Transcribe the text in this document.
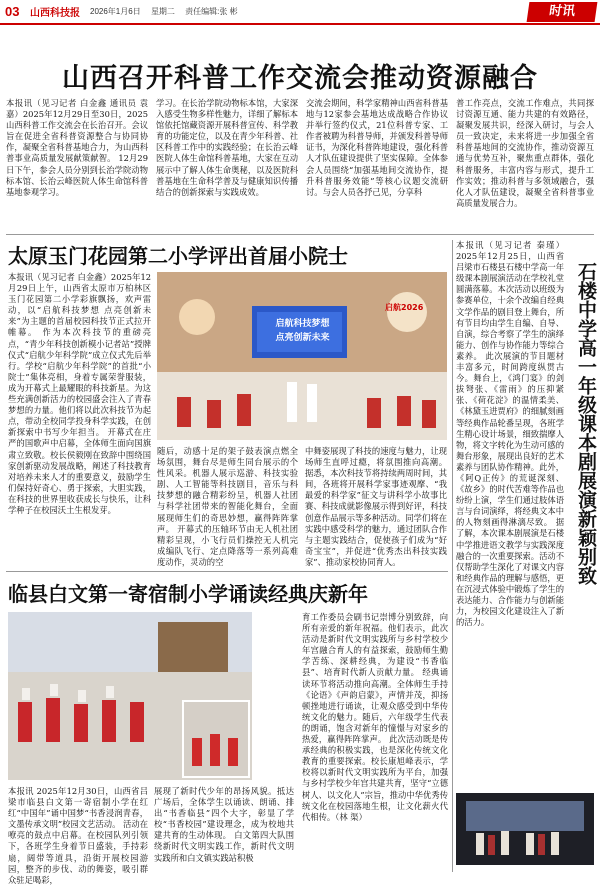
03 山西科技报 2026年1月6日 星期二 责任编辑:张 彬	时讯
山西召开科普工作交流会推动资源融合
本报讯（见习记者 白金鑫 通讯员 袁嘉）2025年12月29日至30日，2025山西科普工作交流会在长治召开。会议旨在促进全省科普资源整合与协同协作，凝聚全省科普基地合力，为山西科普事业高质量发展献策献智。 12月29日下午，参会人员分别到长治学院动物标本馆、长治云峰医院人体生命馆科普基地参观学习。
学习。在长治学院动物标本馆，大家深入感受生物多样性魅力，详细了解标本馆依托馆藏资源开展科普宣传、科学教育的功能定位，以及在青少年科普、社区科普工作中的实践经验；在长治云峰医院人体生命馆科普基地，大家在互动展示中了解人体生命奥秘，以及医院科普基地在生命科学普及与健康知识传播结合的创新探索与实践成效。
交流会期间，科学家精神山西省科普基地与12家参会基地达成战略合作协议并举行签约仪式，21位科普专家、工作者被聘为科普导师，并颁发科普导师证书，为深化科普阵地建设，强化科普人才队伍建设提供了坚实保障。全体参会人员围绕“加强基地间交流协作，提升科普服务效能”等核心议题交流研讨。与会人员各抒己见，分享科
普工作亮点，交流工作难点，共同探讨资源互通、能力共建的有效路径，凝聚发展共识，经深入研讨，与会人员一致决定，未来将进一步加强全省科普基地间的交流协作，推动资源互通与优势互补，聚焦重点群体，强化科普服务，丰富内容与形式，提升工作实效；推动科普与多领域融合，强化人才队伍建设，凝聚全省科普事业高质量发展合力。
太原玉门花园第二小学评出首届小院士
本报讯（见习记者 白金鑫）2025年12月29日上午，山西省太原市万柏林区玉门花园第二小学彩旗飘扬，欢声雷动，以“启航科技梦想 点亮创新未来”为主题的首届校园科技节正式拉开帷幕。 作为本次科技节的重磅亮点，“青少年科技创新模小记者站”授牌仪式“启航少年科学院”成立仪式先后举行。学校“启航少年科学院”的首批“小院士”集体亮相，身着专属荣誉服装，成为开幕式上最耀眼的科技新星。为这些充满创新活力的校园盛会注入了青春梦想的力量。他们将以此次科技节为起点，带动全校同学投身科学实践，在创新探索中书写少年担当。 开幕式在庄严的国歌声中启幕，全体师生面向国旗肃立致敬。校长侯毅刚在致辞中围绕国家创新驱动发展战略，阐述了科技教育对培养未来人才的重要意义，鼓励学生们保持好奇心、勇于探索，大胆实践，在科技的世界里收获成长与快乐，让科学种子在校园沃土生根发芽。
启航科技梦想
点亮创新未来
启航2026
随后，动感十足的架子鼓表演点燃全场氛围，舞台尽是师生同台展示的个性风采。机器人展示巡游、科技实验剧、人工智能等科技剧目，音乐与科技梦想的融合精彩纷呈，机器人社团与科学社团带来的智能化舞台，全面展现师生们的奇思妙想，赢得阵阵掌声。 开幕式的压轴环节由无人机社团精彩呈现，小飞行员们操控无人机完成编队飞行、定点降落等一系列高难度动作，灵动的空
中舞姿展现了科技的速度与魅力，让现场师生直呼过瘾，将氛围推向高潮。 据悉，本次科技节将持续两周时间，其间，各班将开展科学家事迹观摩、“我最爱的科学家”征文与讲科学小故事比赛、科技成就影像展示得到好评，科技创意作品展示等多种活动。同学们将在实践中感受科学的魅力，通过团队合作与主题实践结合，促使孩子们成为“好奇宝宝”，并促进“优秀杰出科技实践家”、推动家校协同育人。	石楼中学高一年级课本剧展演新颖别致
本报讯（见习记者 秦瑾）2025年12月25日，山西省吕梁市石楼县石楼中学高一年级课本剧展演活动在学校礼堂圆满落幕。本次活动以班级为参赛单位，十余个改编自经典文学作品的剧目登上舞台，所有节目均由学生自编、自导、自演，综合考察了学生的演绎能力、创作与协作能力等综合素养。 此次展演的节目题材丰富多元，时间跨度纵贯古今。舞台上，《鸿门宴》的剑拔弩张、《雷雨》的压抑紧张、《荷花淀》的温情柔美、《林黛玉进贾府》的细腻刻画等经典作品轮番呈现，各班学生精心设计场景，细致揣摩人物，将文字转化为生动可感的舞台形象，展现出良好的艺术素养与团队协作精神。此外，《阿Q正传》的荒诞深刻、《故乡》的时代苦难等作品也纷纷上演，学生们通过肢体语言与台词演绎，将经典文本中的人物刻画得淋漓尽致。 据了解，本次课本剧展演是石楼中学推进语文教学与实践深度融合的一次重要探索。活动不仅帮助学生深化了对课文内容和经典作品的理解与感悟，更在沉浸式体验中锻炼了学生的表达能力、合作能力与创新能力，为校园文化建设注入了新的活力。
临县白文第一寄宿制小学诵读经典庆新年
本报讯 2025年12月30日，山西省吕梁市临县白文第一寄宿制小学在红红“中国年”诵中国梦“书香浸润青春，文墨传承文明”校园文艺活动。 活动在嘹亮的鼓点中启幕。在校园队列引领下，各班学生身着节日盛装，手持彩扇，阔带等道具，沿街开展校园游园，整齐的步伐、动的舞姿，吸引群众驻足喝彩，
展现了新时代少年的昂扬风貌。抵达广场后，全体学生以诵读、朗诵、排出“书香临县”四个大字，彰显了学校“书香校园”建设理念，成为校地共建共育的生动体现。 白文第四大队围绕新时代文明实践工作，新时代文明实践所和白文镇实践站积极
育工作委员会刷书记崇博分别致辞，向所有亲爱的新年祝福。他们表示，此次活动是新时代文明实践所与乡村学校少年宫融合育人的有益探索，鼓励师生勤学苦练、深耕经典，为建设“书香临县”、培育时代新人贡献力量。 经典诵读环节将活动推向高潮。全体师生手持《论语》《声韵启蒙》，声情并茂，抑扬顿挫地进行诵读，让观众感受到中华传统文化的魅力。随后，六年级学生代表的朗诵，饱含对新年的憧憬与对家乡的热爱，赢得阵阵掌声。 此次活动既是传承经典的积极实践，也是深化传统文化教育的重要探索。校长康旭峰表示，学校将以新时代文明实践所为平台，加强与乡村学校少年宫共建共育，坚守“立德树人、以文化人”宗旨，推动中华优秀传统文化在校园落地生根，让文化薪火代代相传。（林 渠）
